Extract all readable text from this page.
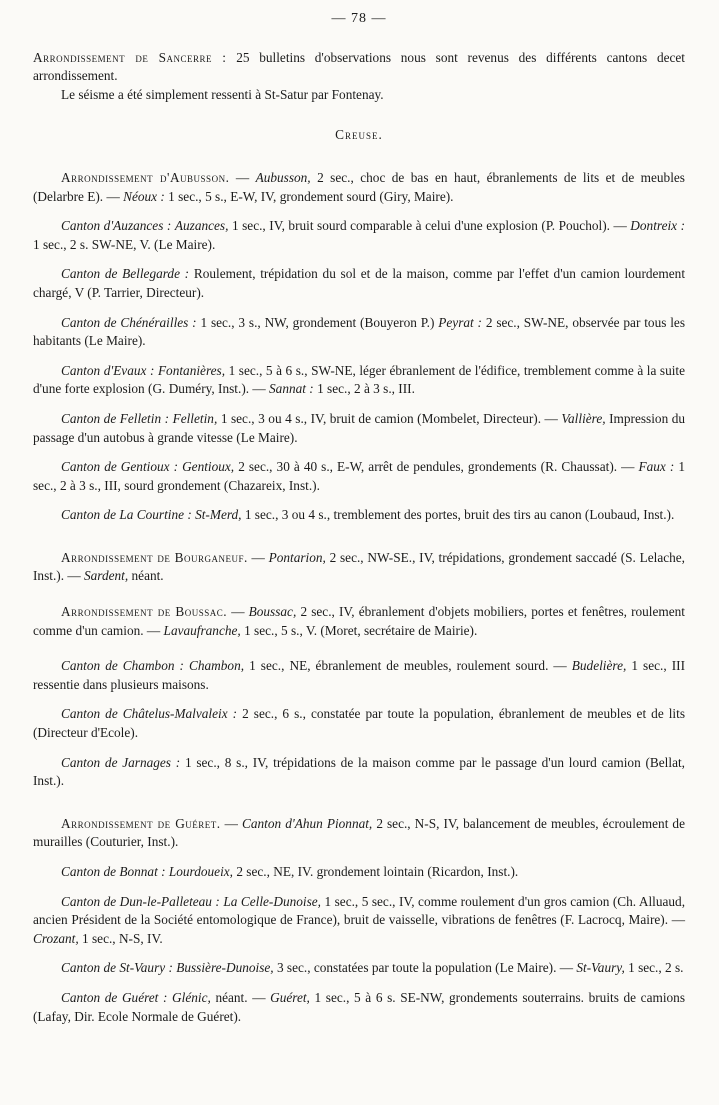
— 78 —

Arrondissement de Sancerre : 25 bulletins d'observations nous sont revenus des différents cantons decet arrondissement.

Le séisme a été simplement ressenti à St-Satur par Fontenay.

Creuse.

Arrondissement d'Aubusson. — Aubusson, 2 sec., choc de bas en haut, ébranlements de lits et de meubles (Delarbre E). — Néoux : 1 sec., 5 s., E-W, IV, grondement sourd (Giry, Maire).

Canton d'Auzances : Auzances, 1 sec., IV, bruit sourd comparable à celui d'une explosion (P. Pouchol). — Dontreix : 1 sec., 2 s. SW-NE, V. (Le Maire).

Canton de Bellegarde : Roulement, trépidation du sol et de la maison, comme par l'effet d'un camion lourdement chargé, V (P. Tarrier, Directeur).

Canton de Chénérailles : 1 sec., 3 s., NW, grondement (Bouyeron P.) Peyrat : 2 sec., SW-NE, observée par tous les habitants (Le Maire).

Canton d'Evaux : Fontanières, 1 sec., 5 à 6 s., SW-NE, léger ébranlement de l'édifice, tremblement comme à la suite d'une forte explosion (G. Duméry, Inst.). — Sannat : 1 sec., 2 à 3 s., III.

Canton de Felletin : Felletin, 1 sec., 3 ou 4 s., IV, bruit de camion (Mombelet, Directeur). — Vallière, Impression du passage d'un autobus à grande vitesse (Le Maire).

Canton de Gentioux : Gentioux, 2 sec., 30 à 40 s., E-W, arrêt de pendules, grondements (R. Chaussat). — Faux : 1 sec., 2 à 3 s., III, sourd grondement (Chazareix, Inst.).

Canton de La Courtine : St-Merd, 1 sec., 3 ou 4 s., tremblement des portes, bruit des tirs au canon (Loubaud, Inst.).

Arrondissement de Bourganeuf. — Pontarion, 2 sec., NW-SE., IV, trépidations, grondement saccadé (S. Lelache, Inst.). — Sardent, néant.

Arrondissement de Boussac. — Boussac, 2 sec., IV, ébranlement d'objets mobiliers, portes et fenêtres, roulement comme d'un camion. — Lavaufranche, 1 sec., 5 s., V. (Moret, secrétaire de Mairie).

Canton de Chambon : Chambon, 1 sec., NE, ébranlement de meubles, roulement sourd. — Budelière, 1 sec., III ressentie dans plusieurs maisons.

Canton de Châtelus-Malvaleix : 2 sec., 6 s., constatée par toute la population, ébranlement de meubles et de lits (Directeur d'Ecole).

Canton de Jarnages : 1 sec., 8 s., IV, trépidations de la maison comme par le passage d'un lourd camion (Bellat, Inst.).

Arrondissement de Guéret. — Canton d'Ahun Pionnat, 2 sec., N-S, IV, balancement de meubles, écroulement de murailles (Couturier, Inst.).

Canton de Bonnat : Lourdoueix, 2 sec., NE, IV. grondement lointain (Ricardon, Inst.).

Canton de Dun-le-Palleteau : La Celle-Dunoise, 1 sec., 5 sec., IV, comme roulement d'un gros camion (Ch. Alluaud, ancien Président de la Société entomologique de France), bruit de vaisselle, vibrations de fenêtres (F. Lacrocq, Maire). — Crozant, 1 sec., N-S, IV.

Canton de St-Vaury : Bussière-Dunoise, 3 sec., constatées par toute la population (Le Maire). — St-Vaury, 1 sec., 2 s.

Canton de Guéret : Glénic, néant. — Guéret, 1 sec., 5 à 6 s. SE-NW, grondements souterrains. bruits de camions (Lafay, Dir. Ecole Normale de Guéret).
